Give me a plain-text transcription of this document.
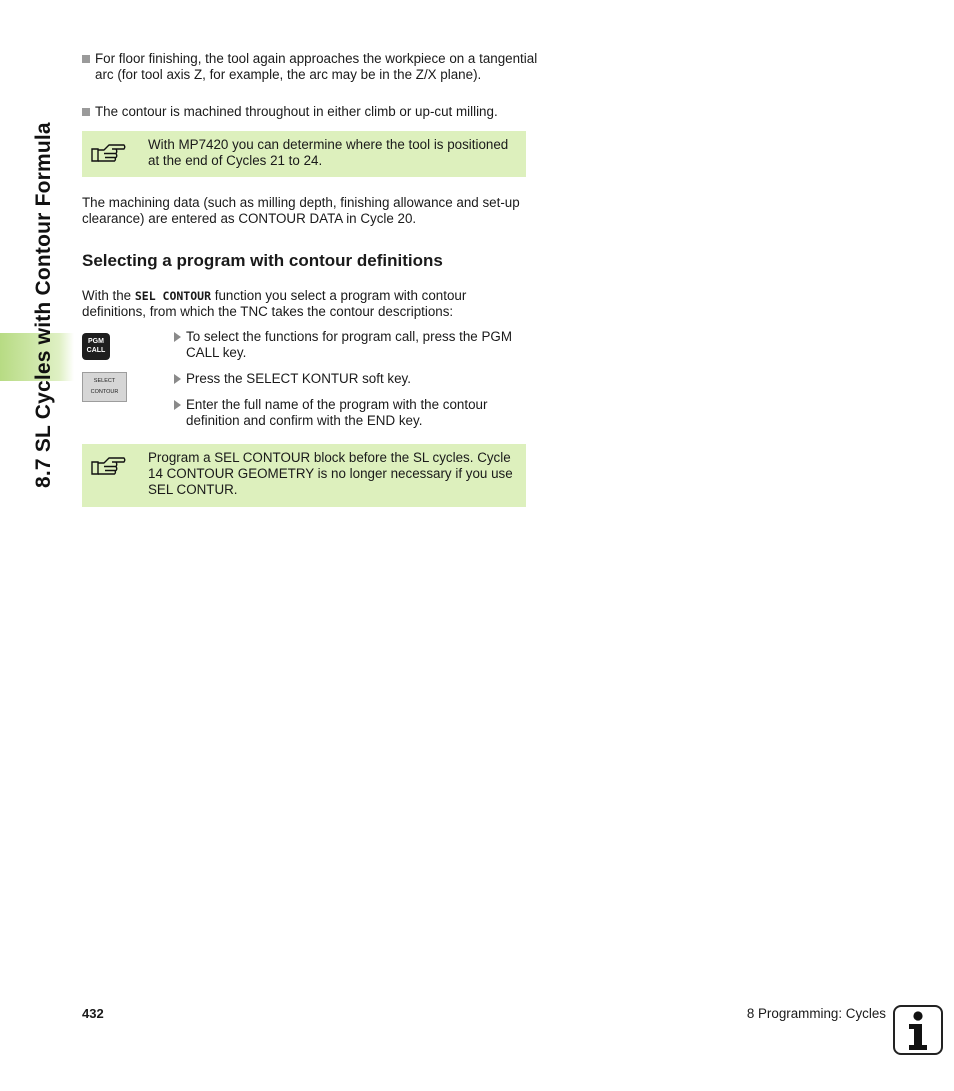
8.7 SL Cycles with Contour Formula
For floor finishing, the tool again approaches the workpiece on a tangential arc (for tool axis Z, for example, the arc may be in the Z/X plane).
The contour is machined throughout in either climb or up-cut milling.
With MP7420 you can determine where the tool is positioned at the end of Cycles 21 to 24.
The machining data (such as milling depth, finishing allowance and set-up clearance) are entered as CONTOUR DATA in Cycle 20.
Selecting a program with contour definitions
With the SEL CONTOUR function you select a program with contour definitions, from which the TNC takes the contour descriptions:
PGM
CALL
SELECT
CONTOUR
To select the functions for program call, press the PGM CALL key.
Press the SELECT KONTUR soft key.
Enter the full name of the program with the contour definition and confirm with the END key.
Program a SEL CONTOUR block before the SL cycles. Cycle 14 CONTOUR GEOMETRY is no longer necessary if you use SEL CONTUR.
432	8 Programming: Cycles
